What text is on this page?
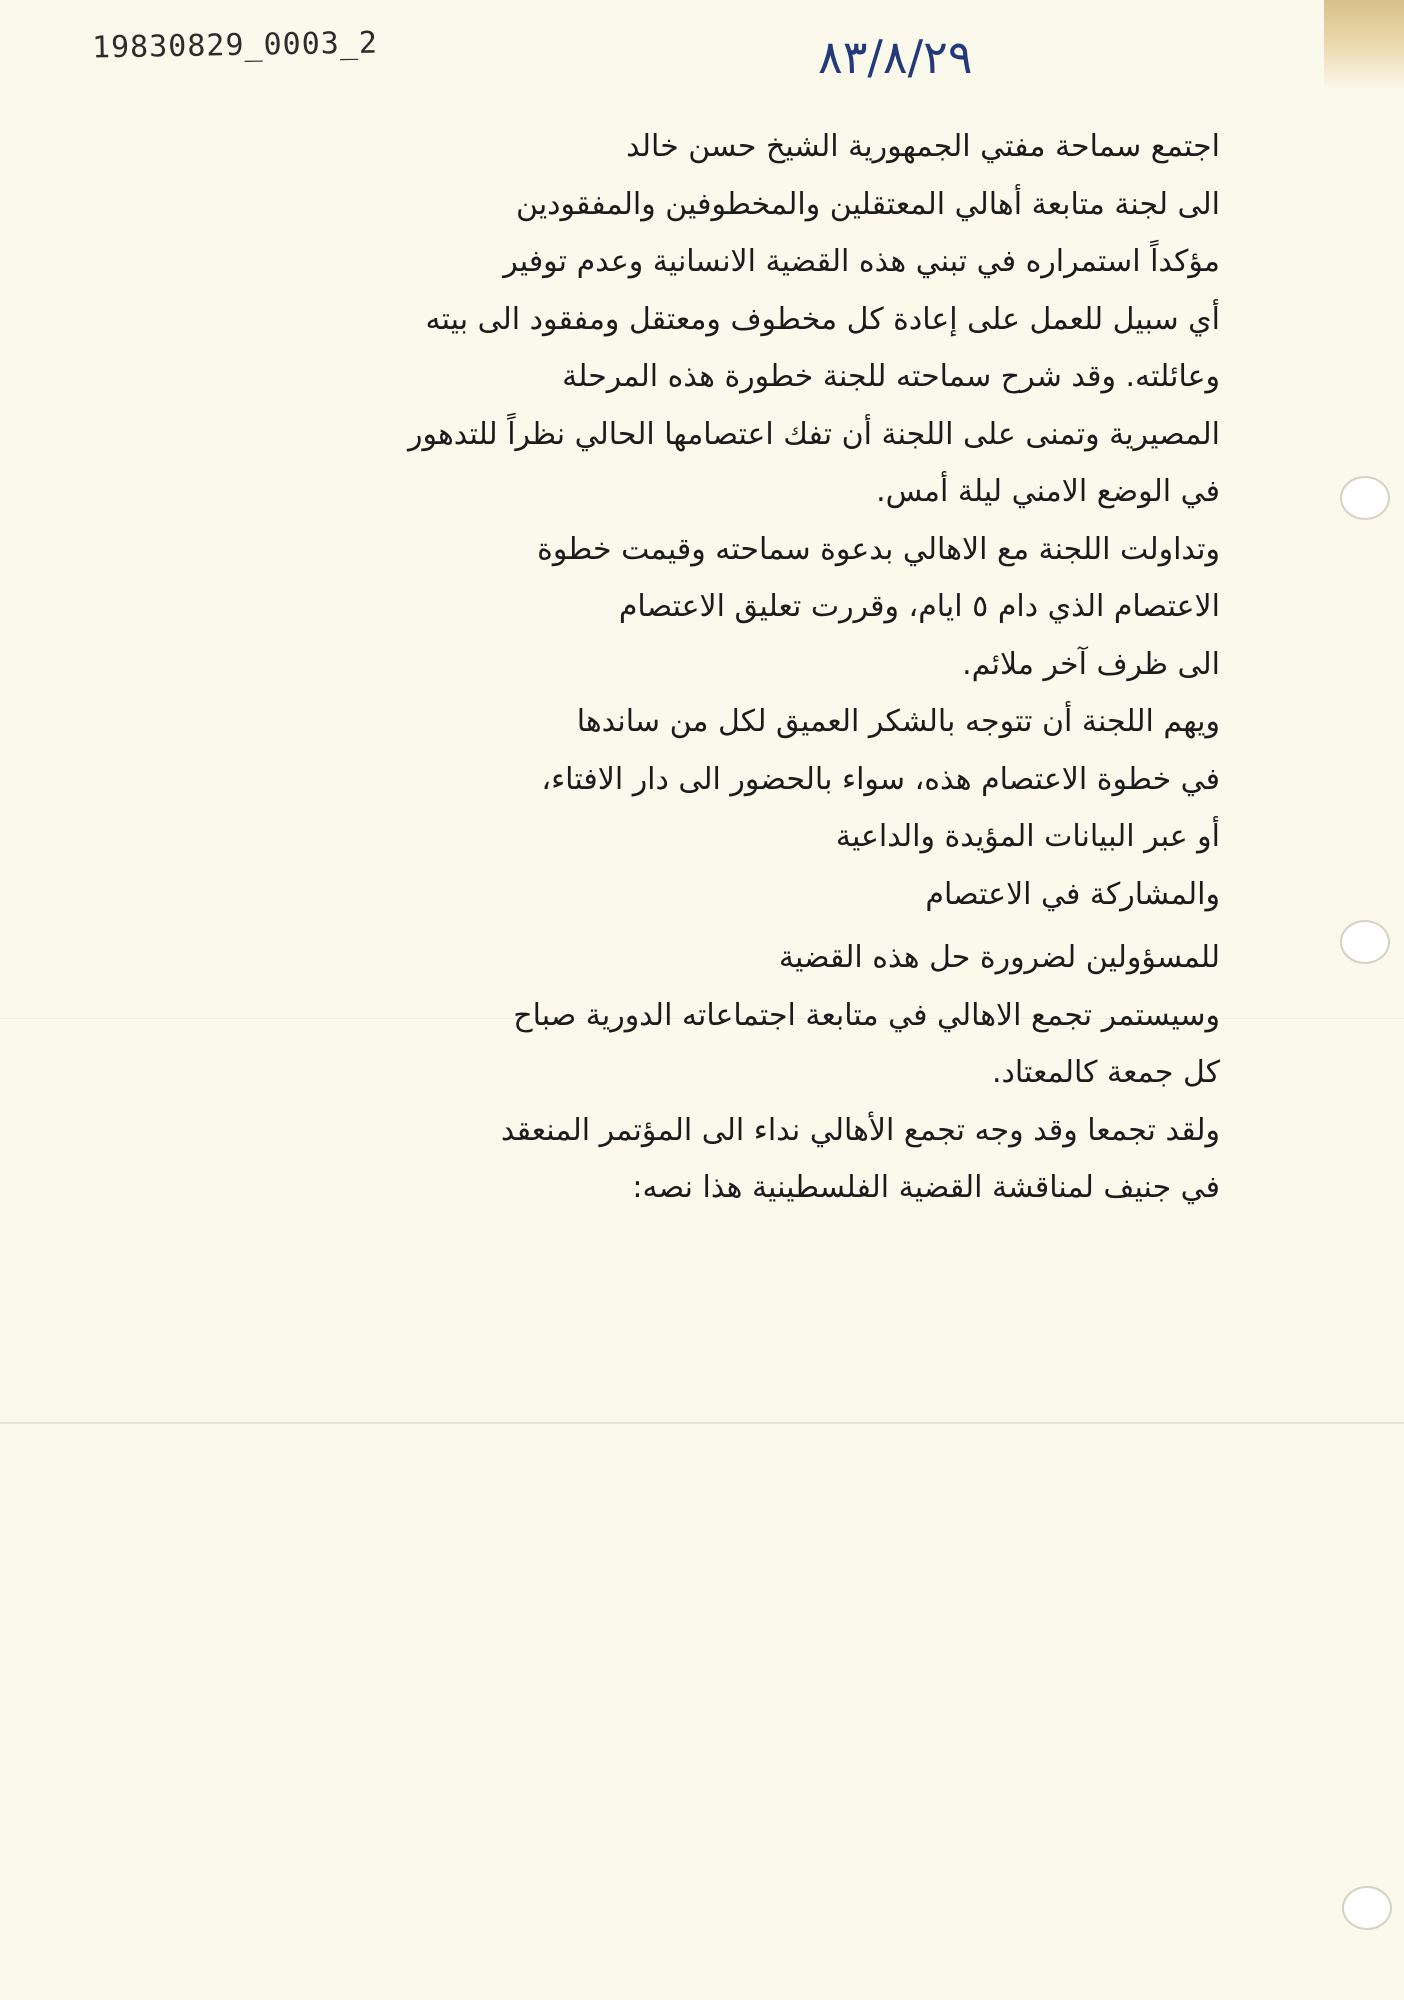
19830829_0003_2	٨٣/٨/٢٩
اجتمع سماحة مفتي الجمهورية الشيخ حسن خالد
الى لجنة متابعة أهالي المعتقلين والمخطوفين والمفقودين
مؤكداً استمراره في تبني هذه القضية الانسانية وعدم توفير
أي سبيل للعمل على إعادة كل مخطوف ومعتقل ومفقود الى بيته
وعائلته. وقد شرح سماحته للجنة خطورة هذه المرحلة
المصيرية وتمنى على اللجنة أن تفك اعتصامها الحالي نظراً للتدهور
في الوضع الامني ليلة أمس.
وتداولت اللجنة مع الاهالي بدعوة سماحته وقيمت خطوة
الاعتصام الذي دام ٥ ايام، وقررت تعليق الاعتصام
الى ظرف آخر ملائم.
ويهم اللجنة أن تتوجه بالشكر العميق لكل من ساندها
في خطوة الاعتصام هذه، سواء بالحضور الى دار الافتاء،
أو عبر البيانات المؤيدة والداعية
والمشاركة في الاعتصام
للمسؤولين لضرورة حل هذه القضية
وسيستمر تجمع الاهالي في متابعة اجتماعاته الدورية صباح
كل جمعة كالمعتاد.
ولقد تجمعا وقد وجه تجمع الأهالي نداء الى المؤتمر المنعقد
في جنيف لمناقشة القضية الفلسطينية هذا نصه:
